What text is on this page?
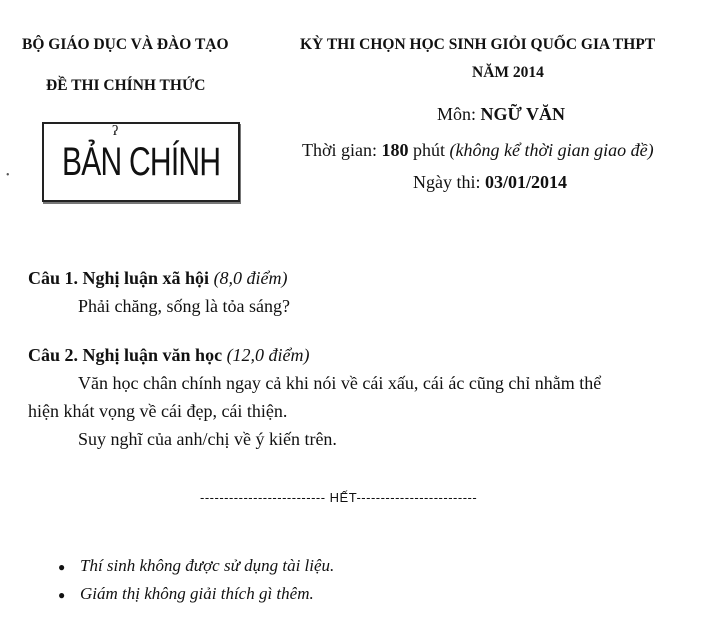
BỘ GIÁO DỤC VÀ ĐÀO TẠO
ĐỀ THI CHÍNH THỨC
KỲ THI CHỌN HỌC SINH GIỎI QUỐC GIA THPT
NĂM 2014
ʔ
BẢN CHÍNH
•
Môn: NGỮ VĂN
Thời gian: 180 phút (không kể thời gian giao đề)
Ngày thi: 03/01/2014
Câu 1. Nghị luận xã hội (8,0 điểm)
Phải chăng, sống là tỏa sáng?
Câu 2. Nghị luận văn học (12,0 điểm)
Văn học chân chính ngay cả khi nói về cái xấu, cái ác cũng chỉ nhằm thể
hiện khát vọng về cái đẹp, cái thiện.
Suy nghĩ của anh/chị về ý kiến trên.
-------------------------- HẾT-------------------------
● Thí sinh không được sử dụng tài liệu.
● Giám thị không giải thích gì thêm.
